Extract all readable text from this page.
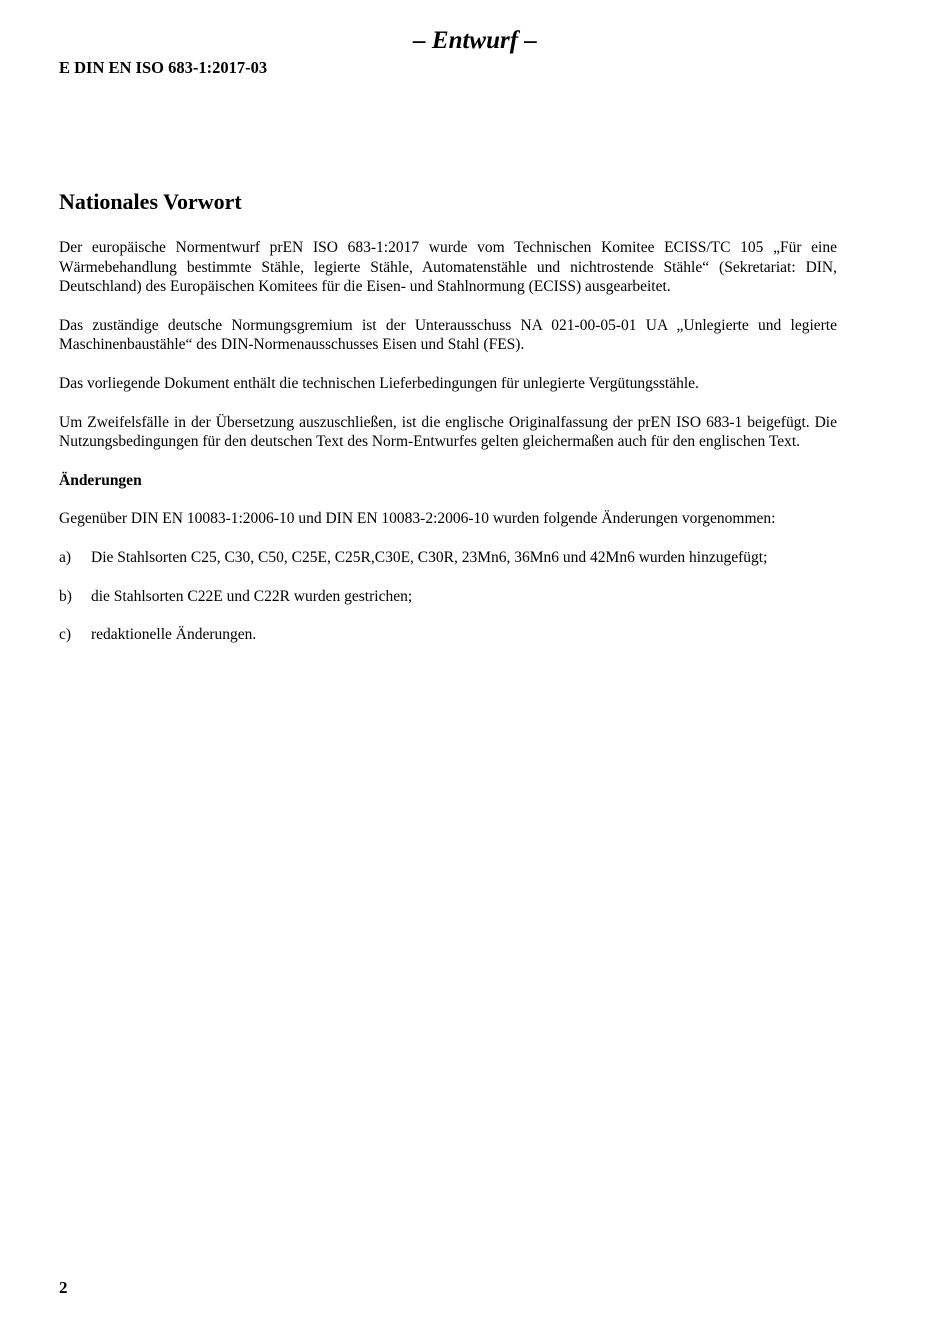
– Entwurf –
E DIN EN ISO 683-1:2017-03
Nationales Vorwort

Der europäische Normentwurf prEN ISO 683-1:2017 wurde vom Technischen Komitee ECISS/TC 105 „Für eine Wärmebehandlung bestimmte Stähle, legierte Stähle, Automatenstähle und nichtrostende Stähle“ (Sekretariat: DIN, Deutschland) des Europäischen Komitees für die Eisen- und Stahlnormung (ECISS) ausgearbeitet.

Das zuständige deutsche Normungsgremium ist der Unterausschuss NA 021-00-05-01 UA „Unlegierte und legierte Maschinenbaustähle“ des DIN-Normenausschusses Eisen und Stahl (FES).

Das vorliegende Dokument enthält die technischen Lieferbedingungen für unlegierte Vergütungsstähle.

Um Zweifelsfälle in der Übersetzung auszuschließen, ist die englische Originalfassung der prEN ISO 683-1 beigefügt. Die Nutzungsbedingungen für den deutschen Text des Norm-Entwurfes gelten gleichermaßen auch für den englischen Text.

Änderungen

Gegenüber DIN EN 10083-1:2006-10 und DIN EN 10083-2:2006-10 wurden folgende Änderungen vorgenommen:

a)	Die Stahlsorten C25, C30, C50, C25E, C25R,C30E, C30R, 23Mn6, 36Mn6 und 42Mn6 wurden hinzugefügt;
b)	die Stahlsorten C22E und C22R wurden gestrichen;
c)	redaktionelle Änderungen.
2
